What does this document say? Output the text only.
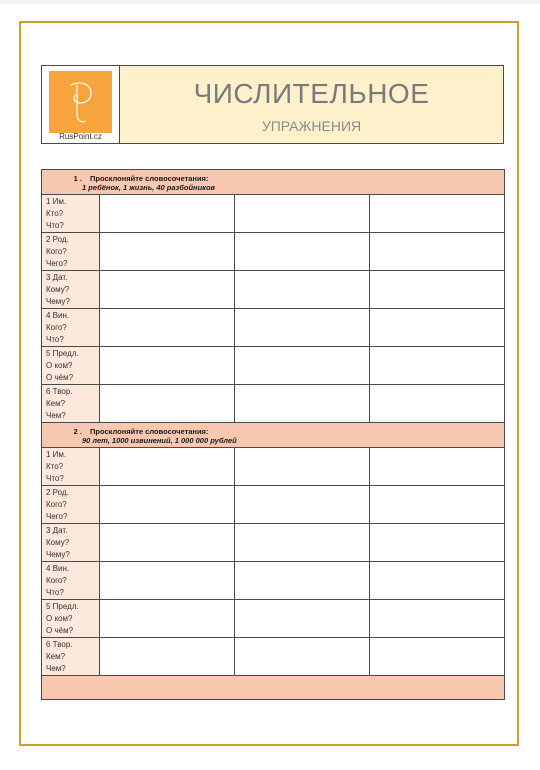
RusPoint.cz
ЧИСЛИТЕЛЬНОЕ
УПРАЖНЕНИЯ
1 . Просклоняйте словосочетания:
1 ребёнок, 1 жизнь, 40 разбойников			

1 Им.
Кто?
Что?			

2 Род.
Кого?
Чего?			

3 Дат.
Кому?
Чему?			

4 Вин.
Кого?
Что?			

5 Предл.
О ком?
О чём?			

6 Твор.
Кем?
Чем?			

2 . Просклоняйте словосочетания:
90 лет, 1000 извинений, 1 000 000 рублей			

1 Им.
Кто?
Что?			

2 Род.
Кого?
Чего?			

3 Дат.
Кому?
Чему?			

4 Вин.
Кого?
Что?			

5 Предл.
О ком?
О чём?			

6 Твор.
Кем?
Чем?			
